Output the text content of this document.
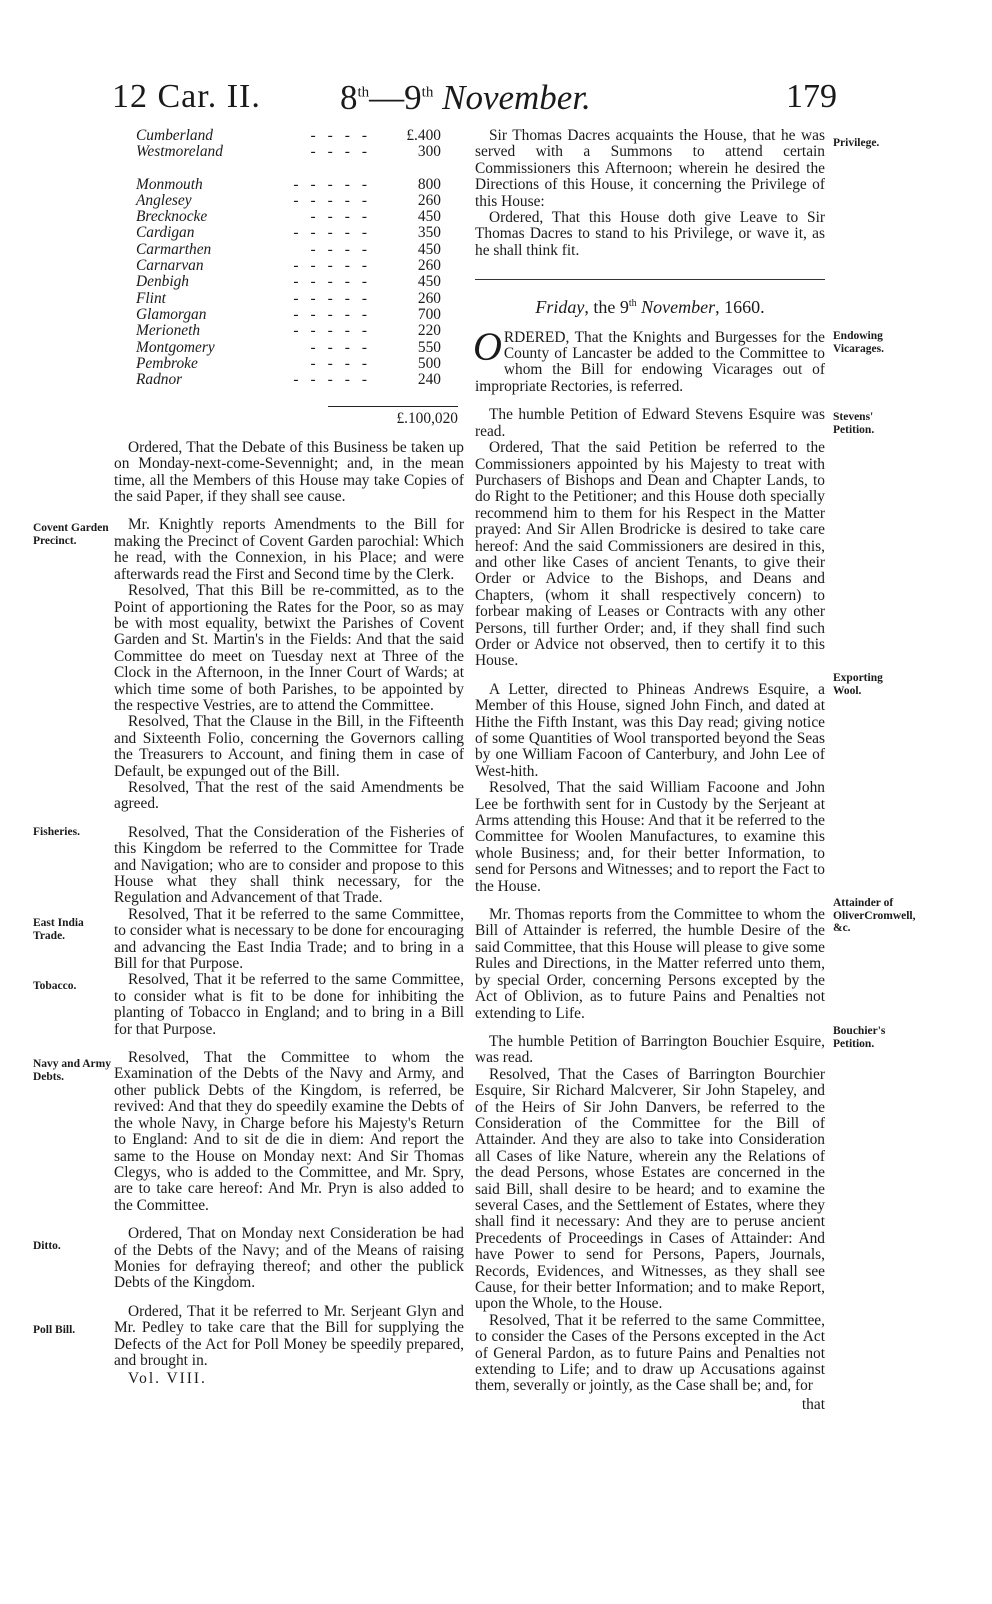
12 Car. II. 8th—9th November.	179
Cumberland	----	£.400
Westmoreland	----	300
Monmouth	-----	800
Anglesey	-----	260
Brecknocke	----	450
Cardigan	-----	350
Carmarthen	----	450
Carnarvan	-----	260
Denbigh	-----	450
Flint	-----	260
Glamorgan	-----	700
Merioneth	-----	220
Montgomery	----	550
Pembroke	----	500
Radnor	-----	240
£.100,020

Ordered, That the Debate of this Business be taken up on Monday-next-come-Sevennight; and, in the mean time, all the Members of this House may take Copies of the said Paper, if they shall see cause.

Mr. Knightly reports Amendments to the Bill for making the Precinct of Covent Garden parochial: Which he read, with the Connexion, in his Place; and were afterwards read the First and Second time by the Clerk.

Resolved, That this Bill be re-committed, as to the Point of apportioning the Rates for the Poor, so as may be with most equality, betwixt the Parishes of Covent Garden and St. Martin's in the Fields: And that the said Committee do meet on Tuesday next at Three of the Clock in the Afternoon, in the Inner Court of Wards; at which time some of both Parishes, to be appointed by the respective Vestries, are to attend the Committee.

Resolved, That the Clause in the Bill, in the Fifteenth and Sixteenth Folio, concerning the Governors calling the Treasurers to Account, and fining them in case of Default, be expunged out of the Bill.

Resolved, That the rest of the said Amendments be agreed.

Resolved, That the Consideration of the Fisheries of this Kingdom be referred to the Committee for Trade and Navigation; who are to consider and propose to this House what they shall think necessary, for the Regulation and Advancement of that Trade.

Resolved, That it be referred to the same Committee, to consider what is necessary to be done for encouraging and advancing the East India Trade; and to bring in a Bill for that Purpose.

Resolved, That it be referred to the same Committee, to consider what is fit to be done for inhibiting the planting of Tobacco in England; and to bring in a Bill for that Purpose.

Resolved, That the Committee to whom the Examination of the Debts of the Navy and Army, and other publick Debts of the Kingdom, is referred, be revived: And that they do speedily examine the Debts of the whole Navy, in Charge before his Majesty's Return to England: And to sit de die in diem: And report the same to the House on Monday next: And Sir Thomas Clegys, who is added to the Committee, and Mr. Spry, are to take care hereof: And Mr. Pryn is also added to the Committee.

Ordered, That on Monday next Consideration be had of the Debts of the Navy; and of the Means of raising Monies for defraying thereof; and other the publick Debts of the Kingdom.

Ordered, That it be referred to Mr. Serjeant Glyn and Mr. Pedley to take care that the Bill for supplying the Defects of the Act for Poll Money be speedily prepared, and brought in.

Vol. VIII.

Sir Thomas Dacres acquaints the House, that he was served with a Summons to attend certain Commissioners this Afternoon; wherein he desired the Directions of this House, it concerning the Privilege of this House:

Ordered, That this House doth give Leave to Sir Thomas Dacres to stand to his Privilege, or wave it, as he shall think fit.

Friday, the 9th November, 1660.

ORDERED, That the Knights and Burgesses for the County of Lancaster be added to the Committee to whom the Bill for endowing Vicarages out of impropriate Rectories, is referred.

The humble Petition of Edward Stevens Esquire was read.

Ordered, That the said Petition be referred to the Commissioners appointed by his Majesty to treat with Purchasers of Bishops and Dean and Chapter Lands, to do Right to the Petitioner; and this House doth specially recommend him to them for his Respect in the Matter prayed: And Sir Allen Brodricke is desired to take care hereof: And the said Commissioners are desired in this, and other like Cases of ancient Tenants, to give their Order or Advice to the Bishops, and Deans and Chapters, (whom it shall respectively concern) to forbear making of Leases or Contracts with any other Persons, till further Order; and, if they shall find such Order or Advice not observed, then to certify it to this House.

A Letter, directed to Phineas Andrews Esquire, a Member of this House, signed John Finch, and dated at Hithe the Fifth Instant, was this Day read; giving notice of some Quantities of Wool transported beyond the Seas by one William Facoon of Canterbury, and John Lee of West-hith.

Resolved, That the said William Facoone and John Lee be forthwith sent for in Custody by the Serjeant at Arms attending this House: And that it be referred to the Committee for Woolen Manufactures, to examine this whole Business; and, for their better Information, to send for Persons and Witnesses; and to report the Fact to the House.

Mr. Thomas reports from the Committee to whom the Bill of Attainder is referred, the humble Desire of the said Committee, that this House will please to give some Rules and Directions, in the Matter referred unto them, by special Order, concerning Persons excepted by the Act of Oblivion, as to future Pains and Penalties not extending to Life.

The humble Petition of Barrington Bouchier Esquire, was read.

Resolved, That the Cases of Barrington Bourchier Esquire, Sir Richard Malcverer, Sir John Stapeley, and of the Heirs of Sir John Danvers, be referred to the Consideration of the Committee for the Bill of Attainder. And they are also to take into Consideration all Cases of like Nature, wherein any the Relations of the dead Persons, whose Estates are concerned in the said Bill, shall desire to be heard; and to examine the several Cases, and the Settlement of Estates, where they shall find it necessary: And they are to peruse ancient Precedents of Proceedings in Cases of Attainder: And have Power to send for Persons, Papers, Journals, Records, Evidences, and Witnesses, as they shall see Cause, for their better Information; and to make Report, upon the Whole, to the House.

Resolved, That it be referred to the same Committee, to consider the Cases of the Persons excepted in the Act of General Pardon, as to future Pains and Penalties not extending to Life; and to draw up Accusations against them, severally or jointly, as the Case shall be; and, for

that
Covent Garden Precinct.
Fisheries.
East India Trade.
Tobacco.
Navy and Army Debts.
Ditto.
Poll Bill.
Privilege.
Endowing Vicarages.
Stevens' Petition.
Exporting Wool.
Attainder of OliverCromwell, &c.
Bouchier's Petition.
